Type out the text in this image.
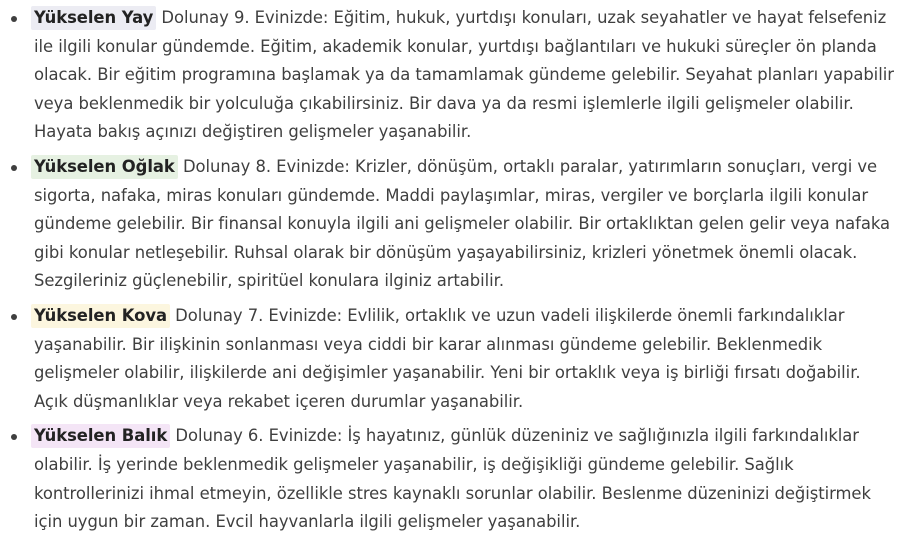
Yükselen Yay Dolunay 9. Evinizde: Eğitim, hukuk, yurtdışı konuları, uzak seyahatler ve hayat felsefeniz ile ilgili konular gündemde. Eğitim, akademik konular, yurtdışı bağlantıları ve hukuki süreçler ön planda olacak. Bir eğitim programına başlamak ya da tamamlamak gündeme gelebilir. Seyahat planları yapabilir veya beklenmedik bir yolculuğa çıkabilirsiniz. Bir dava ya da resmi işlemlerle ilgili gelişmeler olabilir. Hayata bakış açınızı değiştiren gelişmeler yaşanabilir.
Yükselen Oğlak Dolunay 8. Evinizde: Krizler, dönüşüm, ortaklı paralar, yatırımların sonuçları, vergi ve sigorta, nafaka, miras konuları gündemde. Maddi paylaşımlar, miras, vergiler ve borçlarla ilgili konular gündeme gelebilir. Bir finansal konuyla ilgili ani gelişmeler olabilir. Bir ortaklıktan gelen gelir veya nafaka gibi konular netleşebilir. Ruhsal olarak bir dönüşüm yaşayabilirsiniz, krizleri yönetmek önemli olacak. Sezgileriniz güçlenebilir, spiritüel konulara ilginiz artabilir.
Yükselen Kova Dolunay 7. Evinizde: Evlilik, ortaklık ve uzun vadeli ilişkilerde önemli farkındalıklar yaşanabilir. Bir ilişkinin sonlanması veya ciddi bir karar alınması gündeme gelebilir. Beklenmedik gelişmeler olabilir, ilişkilerde ani değişimler yaşanabilir. Yeni bir ortaklık veya iş birliği fırsatı doğabilir. Açık düşmanlıklar veya rekabet içeren durumlar yaşanabilir.
Yükselen Balık Dolunay 6. Evinizde: İş hayatınız, günlük düzeniniz ve sağlığınızla ilgili farkındalıklar olabilir. İş yerinde beklenmedik gelişmeler yaşanabilir, iş değişikliği gündeme gelebilir. Sağlık kontrollerinizi ihmal etmeyin, özellikle stres kaynaklı sorunlar olabilir. Beslenme düzeninizi değiştirmek için uygun bir zaman. Evcil hayvanlarla ilgili gelişmeler yaşanabilir.
